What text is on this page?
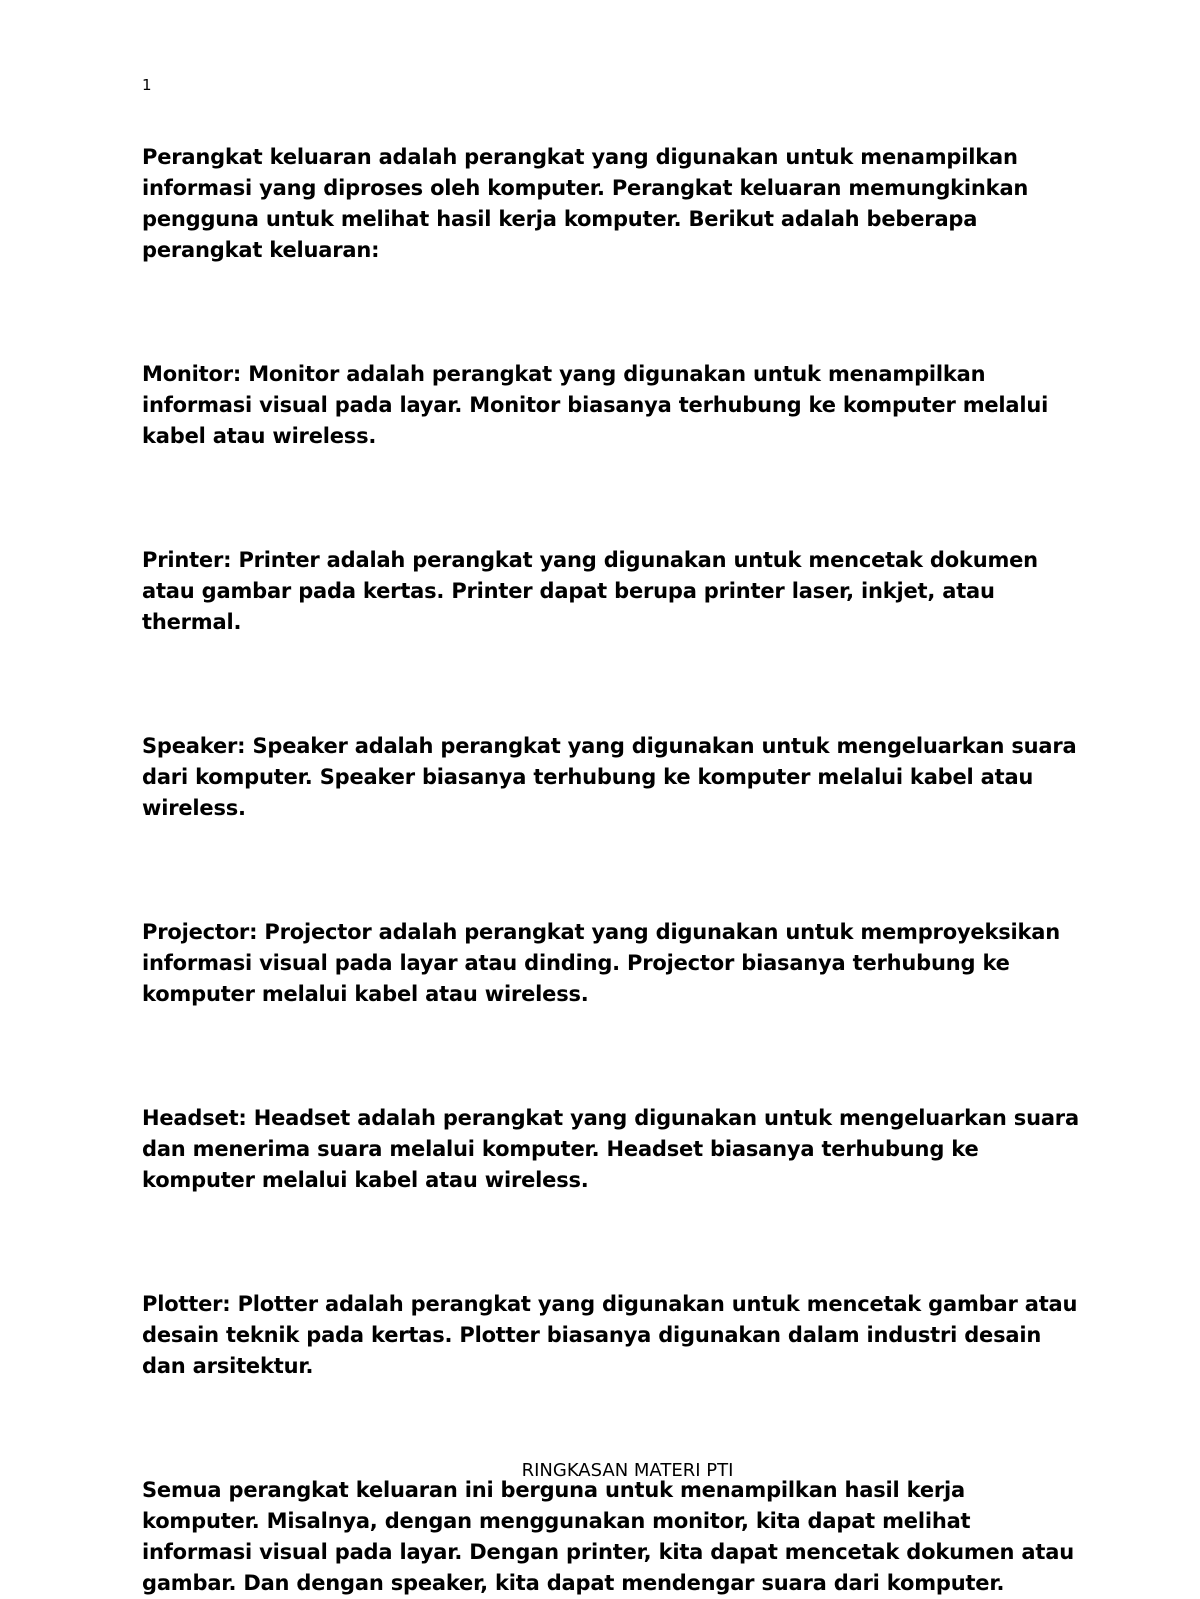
1

Perangkat keluaran adalah perangkat yang digunakan untuk menampilkan informasi yang diproses oleh komputer. Perangkat keluaran memungkinkan pengguna untuk melihat hasil kerja komputer. Berikut adalah beberapa perangkat keluaran:

Monitor: Monitor adalah perangkat yang digunakan untuk menampilkan informasi visual pada layar. Monitor biasanya terhubung ke komputer melalui kabel atau wireless.

Printer: Printer adalah perangkat yang digunakan untuk mencetak dokumen atau gambar pada kertas. Printer dapat berupa printer laser, inkjet, atau thermal.

Speaker: Speaker adalah perangkat yang digunakan untuk mengeluarkan suara dari komputer. Speaker biasanya terhubung ke komputer melalui kabel atau wireless.

Projector: Projector adalah perangkat yang digunakan untuk memproyeksikan informasi visual pada layar atau dinding. Projector biasanya terhubung ke komputer melalui kabel atau wireless.

Headset: Headset adalah perangkat yang digunakan untuk mengeluarkan suara dan menerima suara melalui komputer. Headset biasanya terhubung ke komputer melalui kabel atau wireless.

Plotter: Plotter adalah perangkat yang digunakan untuk mencetak gambar atau desain teknik pada kertas. Plotter biasanya digunakan dalam industri desain dan arsitektur.

Semua perangkat keluaran ini berguna untuk menampilkan hasil kerja komputer. Misalnya, dengan menggunakan monitor, kita dapat melihat informasi visual pada layar. Dengan printer, kita dapat mencetak dokumen atau gambar. Dan dengan speaker, kita dapat mendengar suara dari komputer.

RINGKASAN MATERI PTI
